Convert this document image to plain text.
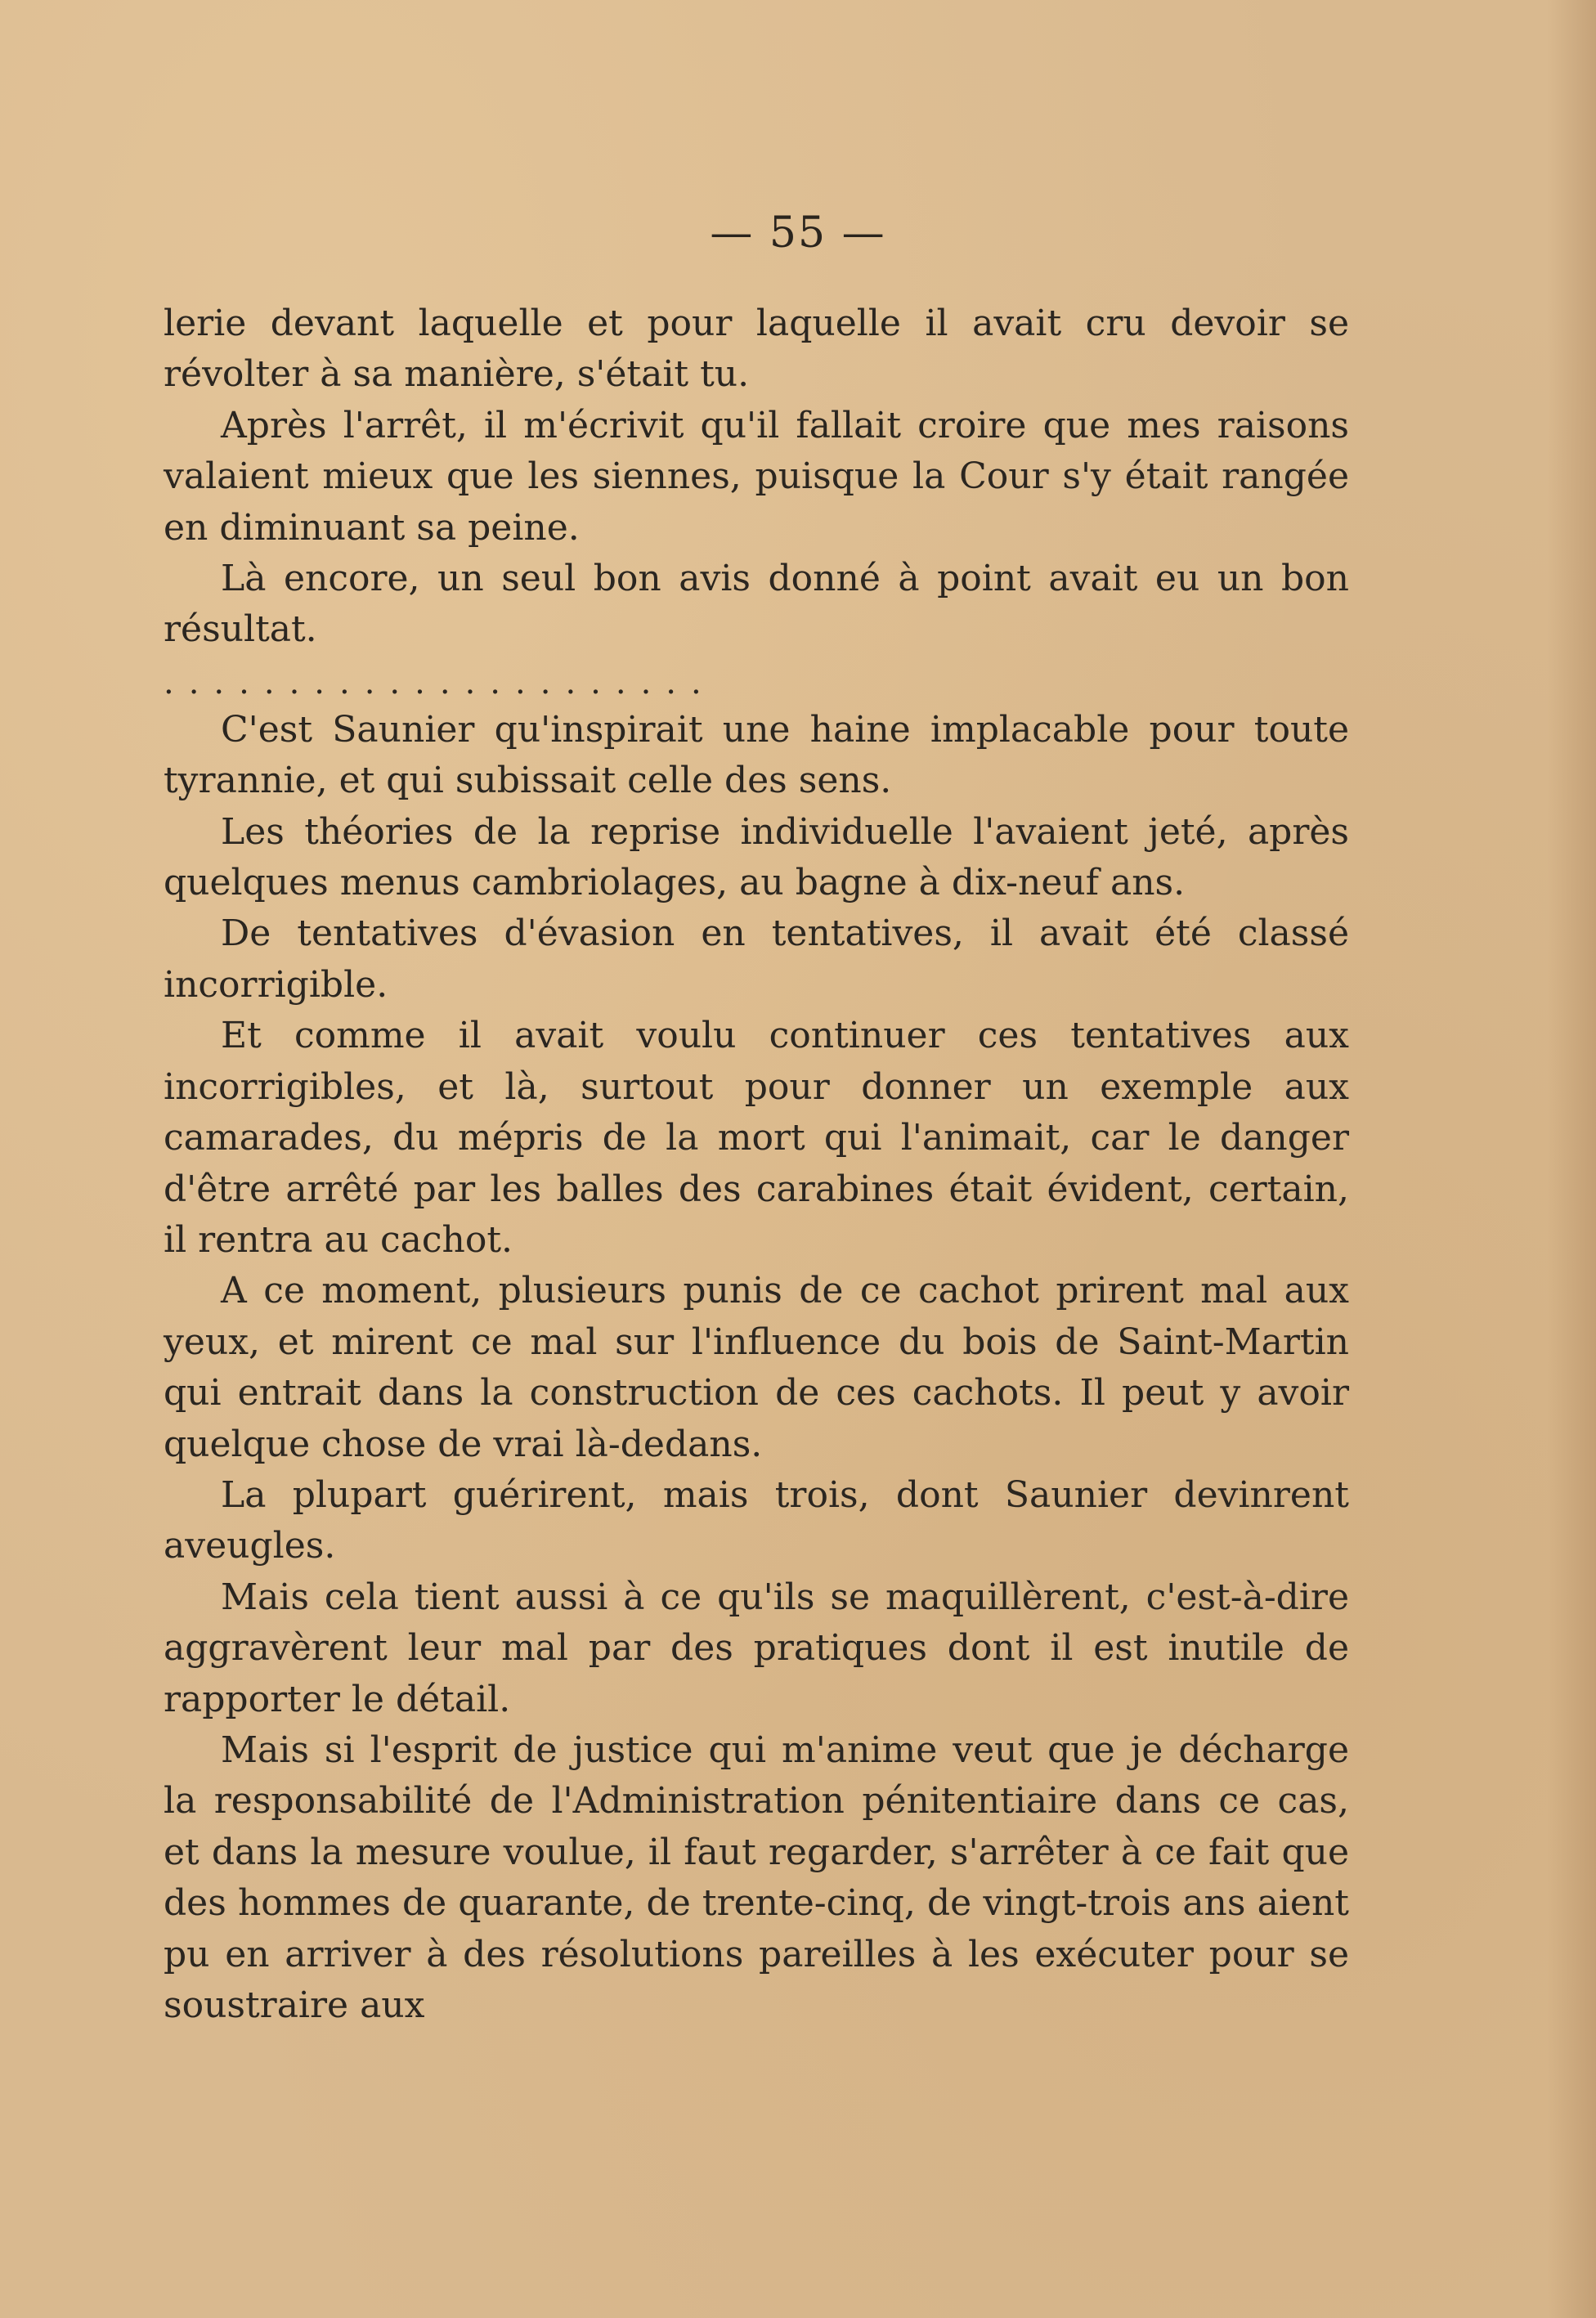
— 55 —

lerie devant laquelle et pour laquelle il avait cru devoir se révolter à sa manière, s'était tu.

Après l'arrêt, il m'écrivit qu'il fallait croire que mes raisons valaient mieux que les siennes, puisque la Cour s'y était rangée en diminuant sa peine.

Là encore, un seul bon avis donné à point avait eu un bon résultat.

......................

C'est Saunier qu'inspirait une haine implacable pour toute tyrannie, et qui subissait celle des sens.

Les théories de la reprise individuelle l'avaient jeté, après quelques menus cambriolages, au bagne à dix-neuf ans.

De tentatives d'évasion en tentatives, il avait été classé incorrigible.

Et comme il avait voulu continuer ces tentatives aux incorrigibles, et là, surtout pour donner un exemple aux camarades, du mépris de la mort qui l'animait, car le danger d'être arrêté par les balles des carabines était évident, certain, il rentra au cachot.

A ce moment, plusieurs punis de ce cachot prirent mal aux yeux, et mirent ce mal sur l'influence du bois de Saint-Martin qui entrait dans la construction de ces cachots. Il peut y avoir quelque chose de vrai là-dedans.

La plupart guérirent, mais trois, dont Saunier devinrent aveugles.

Mais cela tient aussi à ce qu'ils se maquillèrent, c'est-à-dire aggravèrent leur mal par des pratiques dont il est inutile de rapporter le détail.

Mais si l'esprit de justice qui m'anime veut que je décharge la responsabilité de l'Administration pénitentiaire dans ce cas, et dans la mesure voulue, il faut regarder, s'arrêter à ce fait que des hommes de quarante, de trente-cinq, de vingt-trois ans aient pu en arriver à des résolutions pareilles à les exécuter pour se soustraire aux
